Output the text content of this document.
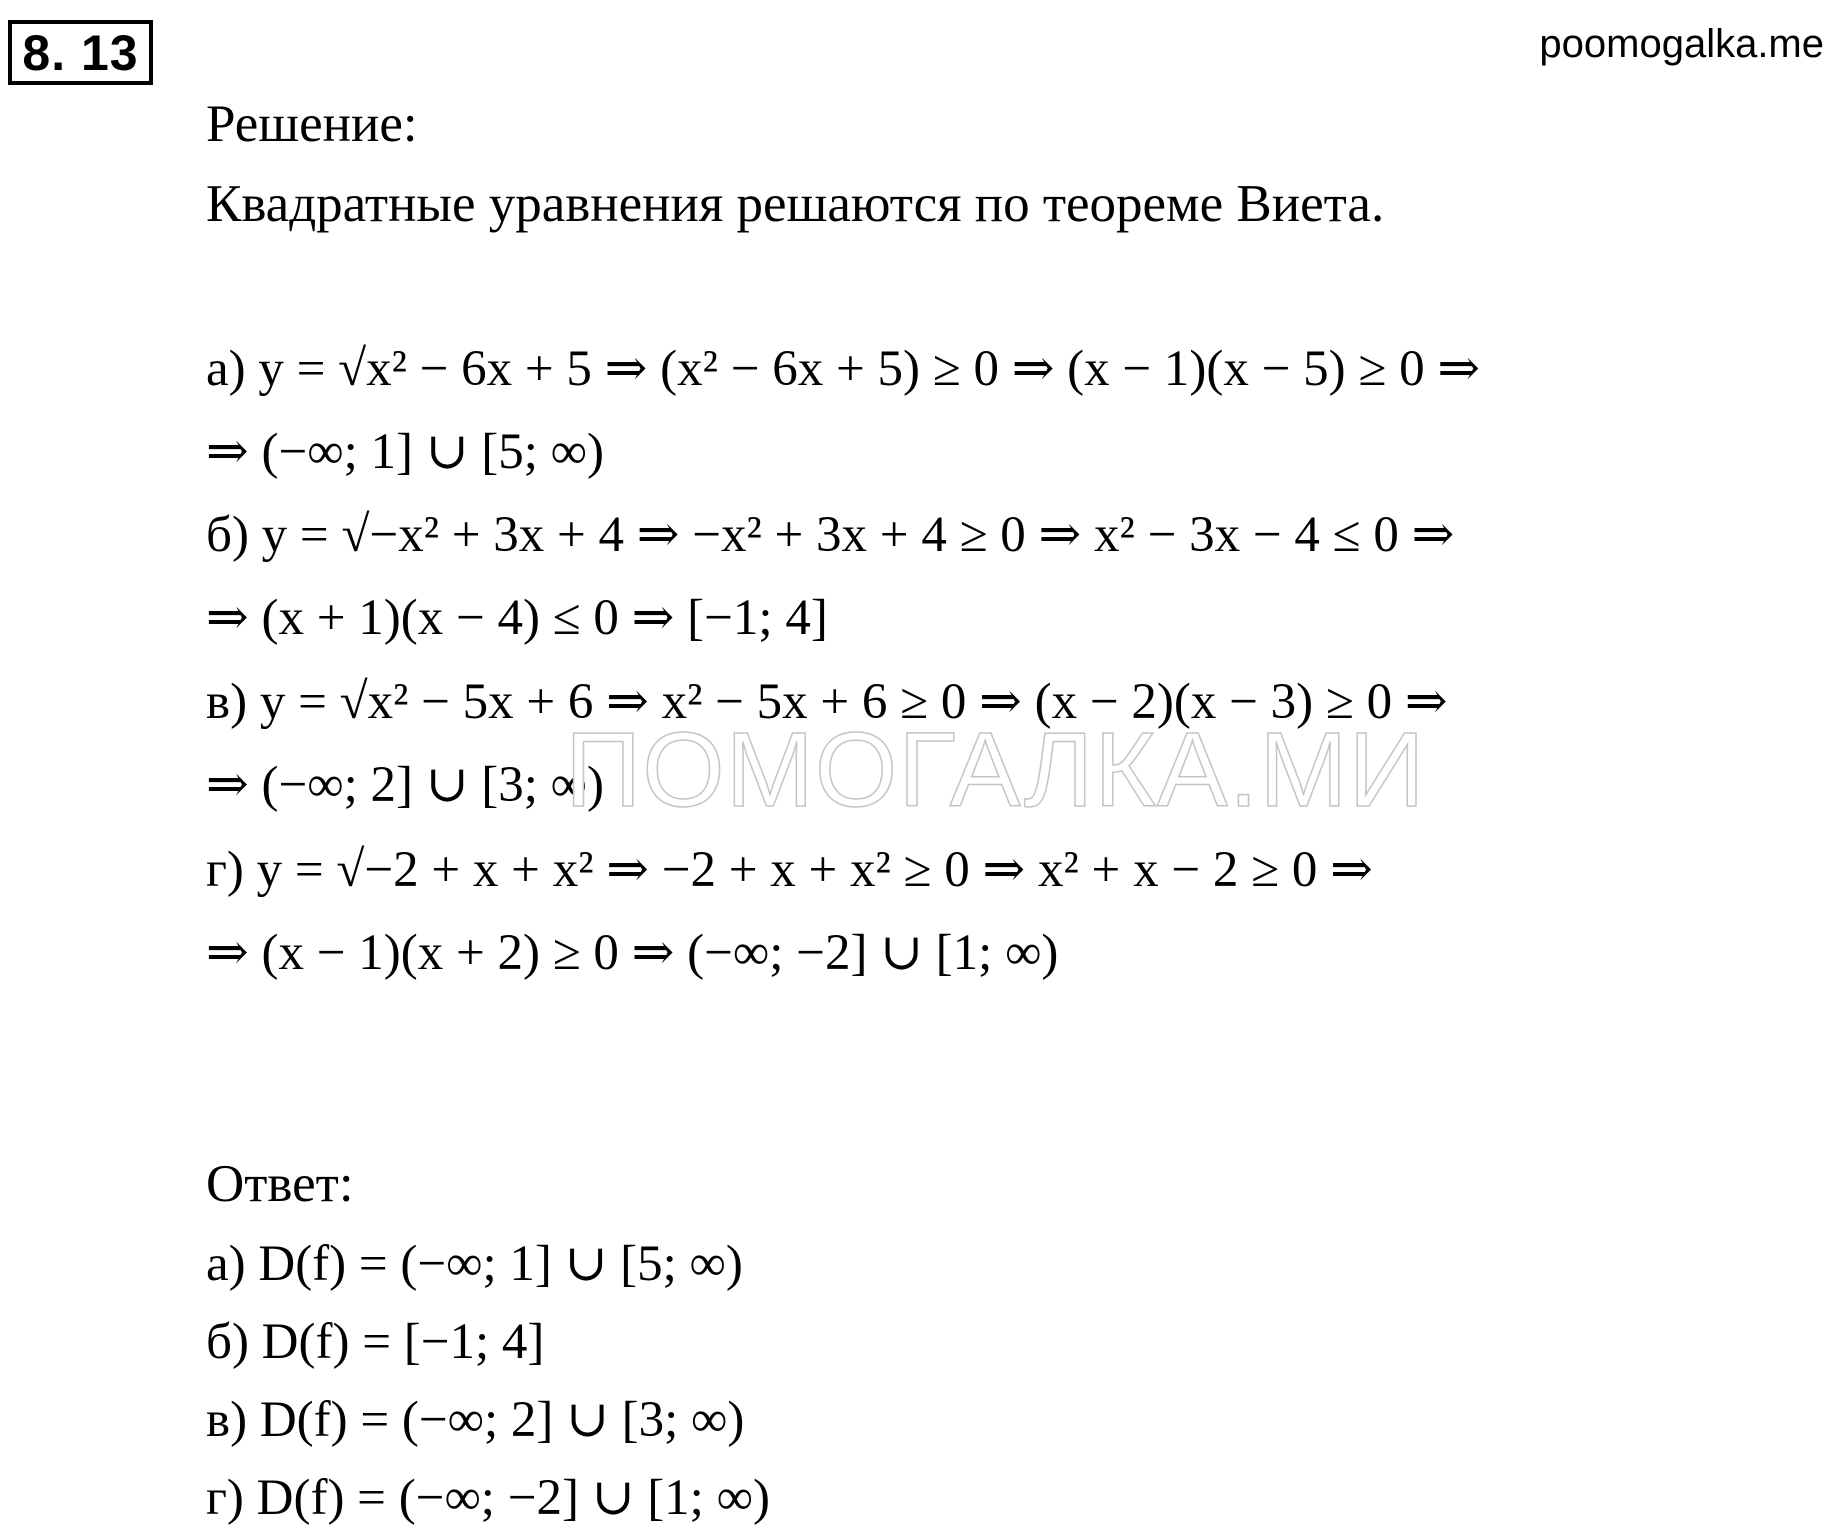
8. 13	poomogalka.me
Решение:
Квадратные уравнения решаются по теореме Виета.
а) y = √x² − 6x + 5 ⇒ (x² − 6x + 5) ≥ 0 ⇒ (x − 1)(x − 5) ≥ 0 ⇒
⇒ (−∞; 1] ∪ [5; ∞)
б) y = √−x² + 3x + 4 ⇒ −x² + 3x + 4 ≥ 0 ⇒ x² − 3x − 4 ≤ 0 ⇒
⇒ (x + 1)(x − 4) ≤ 0 ⇒ [−1; 4]
в) y = √x² − 5x + 6 ⇒ x² − 5x + 6 ≥ 0 ⇒ (x − 2)(x − 3) ≥ 0 ⇒
⇒ (−∞; 2] ∪ [3; ∞)
г) y = √−2 + x + x² ⇒ −2 + x + x² ≥ 0 ⇒ x² + x − 2 ≥ 0 ⇒
⇒ (x − 1)(x + 2) ≥ 0 ⇒ (−∞; −2] ∪ [1; ∞)
ПОМОГАЛКА.МИ
Ответ:
а) D(f) = (−∞; 1] ∪ [5; ∞)
б) D(f) = [−1; 4]
в) D(f) = (−∞; 2] ∪ [3; ∞)
г) D(f) = (−∞; −2] ∪ [1; ∞)
